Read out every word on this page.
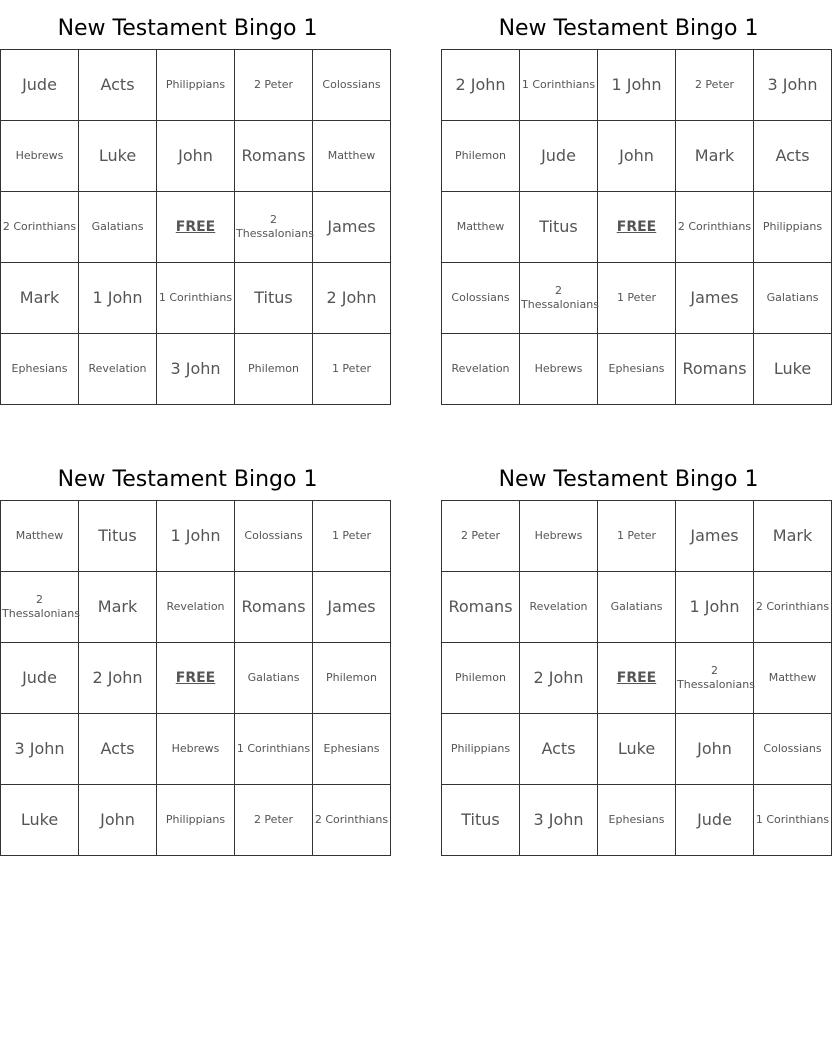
New Testament Bingo 1
Jude	Acts	Philippians	2 Peter	Colossians
Hebrews	Luke	John	Romans	Matthew
2 Corinthians	Galatians	FREE	2 Thessalonians	James
Mark	1 John	1 Corinthians	Titus	2 John
Ephesians	Revelation	3 John	Philemon	1 Peter
New Testament Bingo 1
2 John	1 Corinthians	1 John	2 Peter	3 John
Philemon	Jude	John	Mark	Acts
Matthew	Titus	FREE	2 Corinthians	Philippians
Colossians	2 Thessalonians	1 Peter	James	Galatians
Revelation	Hebrews	Ephesians	Romans	Luke
New Testament Bingo 1
Matthew	Titus	1 John	Colossians	1 Peter
2 Thessalonians	Mark	Revelation	Romans	James
Jude	2 John	FREE	Galatians	Philemon
3 John	Acts	Hebrews	1 Corinthians	Ephesians
Luke	John	Philippians	2 Peter	2 Corinthians
New Testament Bingo 1
2 Peter	Hebrews	1 Peter	James	Mark
Romans	Revelation	Galatians	1 John	2 Corinthians
Philemon	2 John	FREE	2 Thessalonians	Matthew
Philippians	Acts	Luke	John	Colossians
Titus	3 John	Ephesians	Jude	1 Corinthians
